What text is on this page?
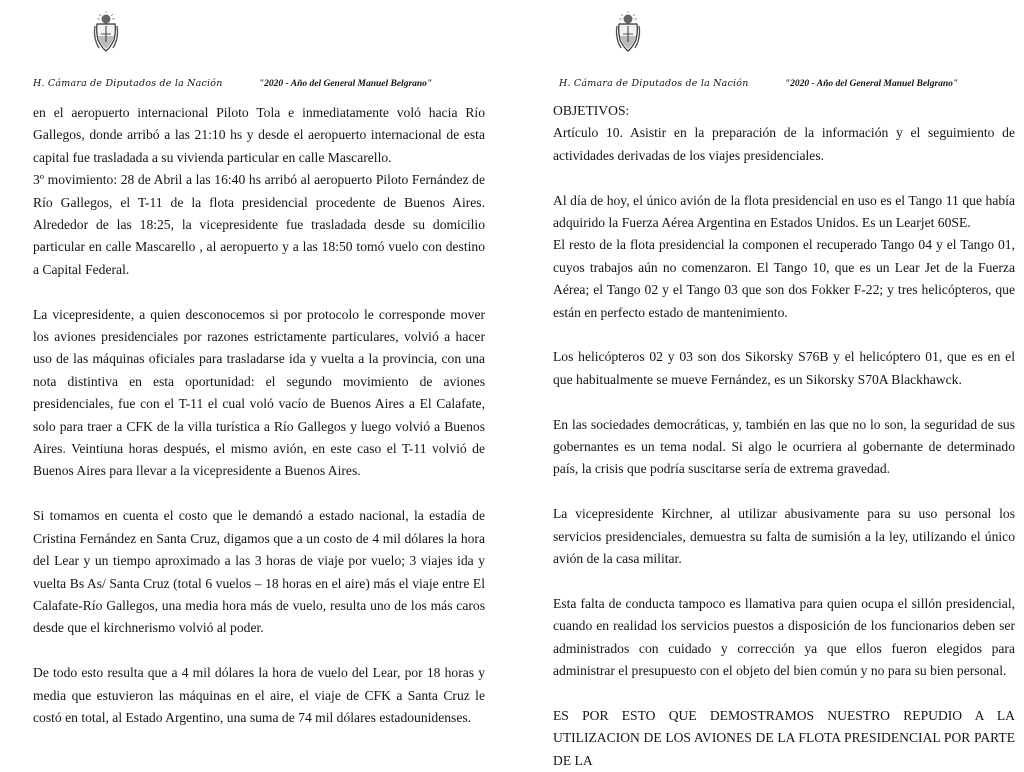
H. Cámara de Diputados de la Nación	"2020 - Año del General Manuel Belgrano"

en el aeropuerto internacional Piloto Tola e inmediatamente voló hacia Río Gallegos, donde arribó a las 21:10 hs y desde el aeropuerto internacional de esta capital fue trasladada a su vivienda particular en calle Mascarello.

3º movimiento: 28 de Abril a las 16:40 hs arribó al aeropuerto Piloto Fernández de Río Gallegos, el T-11 de la flota presidencial procedente de Buenos Aires. Alrededor de las 18:25, la vicepresidente fue trasladada desde su domicilio particular en calle Mascarello , al aeropuerto y a las 18:50 tomó vuelo con destino a Capital Federal.

La vicepresidente, a quien desconocemos si por protocolo le corresponde mover los aviones presidenciales por razones estrictamente particulares, volvió a hacer uso de las máquinas oficiales para trasladarse ida y vuelta a la provincia, con una nota distintiva en esta oportunidad: el segundo movimiento de aviones presidenciales, fue con el T-11 el cual voló vacío de Buenos Aires a El Calafate, solo para traer a CFK de la villa turística a Río Gallegos y luego volvió a Buenos Aires. Veintiuna horas después, el mismo avión, en este caso el T-11 volvió de Buenos Aires para llevar a la vicepresidente a Buenos Aires.

Si tomamos en cuenta el costo que le demandó a estado nacional, la estadía de Cristina Fernández en Santa Cruz, digamos que a un costo de 4 mil dólares la hora del Lear y un tiempo aproximado a las 3 horas de viaje por vuelo; 3 viajes ida y vuelta Bs As/ Santa Cruz (total 6 vuelos – 18 horas en el aire) más el viaje entre El Calafate-Río Gallegos, una media hora más de vuelo, resulta uno de los más caros desde que el kirchnerismo volvió al poder.

De todo esto resulta que a 4 mil dólares la hora de vuelo del Lear, por 18 horas y media que estuvieron las máquinas en el aire, el viaje de CFK a Santa Cruz le costó en total, al Estado Argentino, una suma de 74 mil dólares estadounidenses.

H. Cámara de Diputados de la Nación	"2020 - Año del General Manuel Belgrano"

OBJETIVOS:

Artículo 10. Asistir en la preparación de la información y el seguimiento de actividades derivadas de los viajes presidenciales.

Al día de hoy, el único avión de la flota presidencial en uso es el Tango 11 que había adquirido la Fuerza Aérea Argentina en Estados Unidos. Es un Learjet 60SE.

El resto de la flota presidencial la componen el recuperado Tango 04 y el Tango 01, cuyos trabajos aún no comenzaron. El Tango 10, que es un Lear Jet de la Fuerza Aérea; el Tango 02 y el Tango 03 que son dos Fokker F-22; y tres helicópteros, que están en perfecto estado de mantenimiento.

Los helicópteros 02 y 03 son dos Sikorsky S76B y el helicóptero 01, que es en el que habitualmente se mueve Fernández, es un Sikorsky S70A Blackhawck.

En las sociedades democráticas, y, también en las que no lo son, la seguridad de sus gobernantes es un tema nodal. Si algo le ocurriera al gobernante de determinado país, la crisis que podría suscitarse sería de extrema gravedad.

La vicepresidente Kirchner, al utilizar abusivamente para su uso personal los servicios presidenciales, demuestra su falta de sumisión a la ley, utilizando el único avión de la casa militar.

Esta falta de conducta tampoco es llamativa para quien ocupa el sillón presidencial, cuando en realidad los servicios puestos a disposición de los funcionarios deben ser administrados con cuidado y corrección ya que ellos fueron elegidos para administrar el presupuesto con el objeto del bien común y no para su bien personal.

ES POR ESTO QUE DEMOSTRAMOS NUESTRO REPUDIO A LA UTILIZACION DE LOS AVIONES DE LA FLOTA PRESIDENCIAL POR PARTE DE LA
